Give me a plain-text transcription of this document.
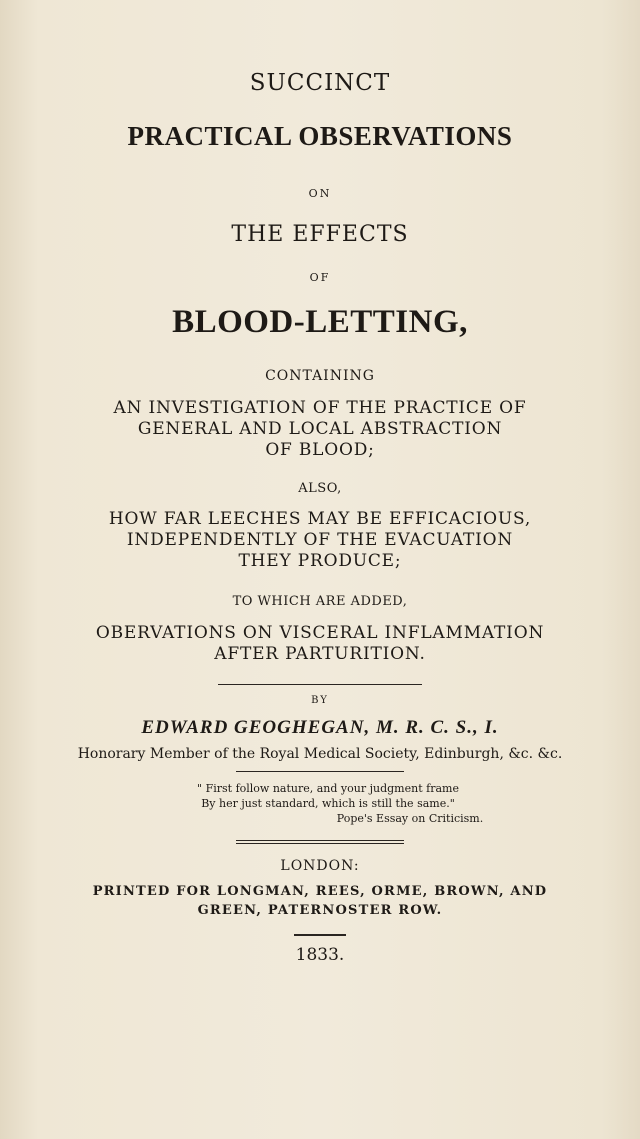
SUCCINCT
PRACTICAL OBSERVATIONS
ON
THE EFFECTS
OF
BLOOD-LETTING,
CONTAINING
AN INVESTIGATION OF THE PRACTICE OF
GENERAL AND LOCAL ABSTRACTION
OF BLOOD;
ALSO,
HOW FAR LEECHES MAY BE EFFICACIOUS,
INDEPENDENTLY OF THE EVACUATION
THEY PRODUCE;
TO WHICH ARE ADDED,
OBERVATIONS ON VISCERAL INFLAMMATION
AFTER PARTURITION.
BY
EDWARD GEOGHEGAN, M. R. C. S., I.
Honorary Member of the Royal Medical Society, Edinburgh, &c. &c.
" First follow nature, and your judgment frame
By her just standard, which is still the same."
Pope's Essay on Criticism.
LONDON:
PRINTED FOR LONGMAN, REES, ORME, BROWN, AND
GREEN, PATERNOSTER ROW.
1833.
